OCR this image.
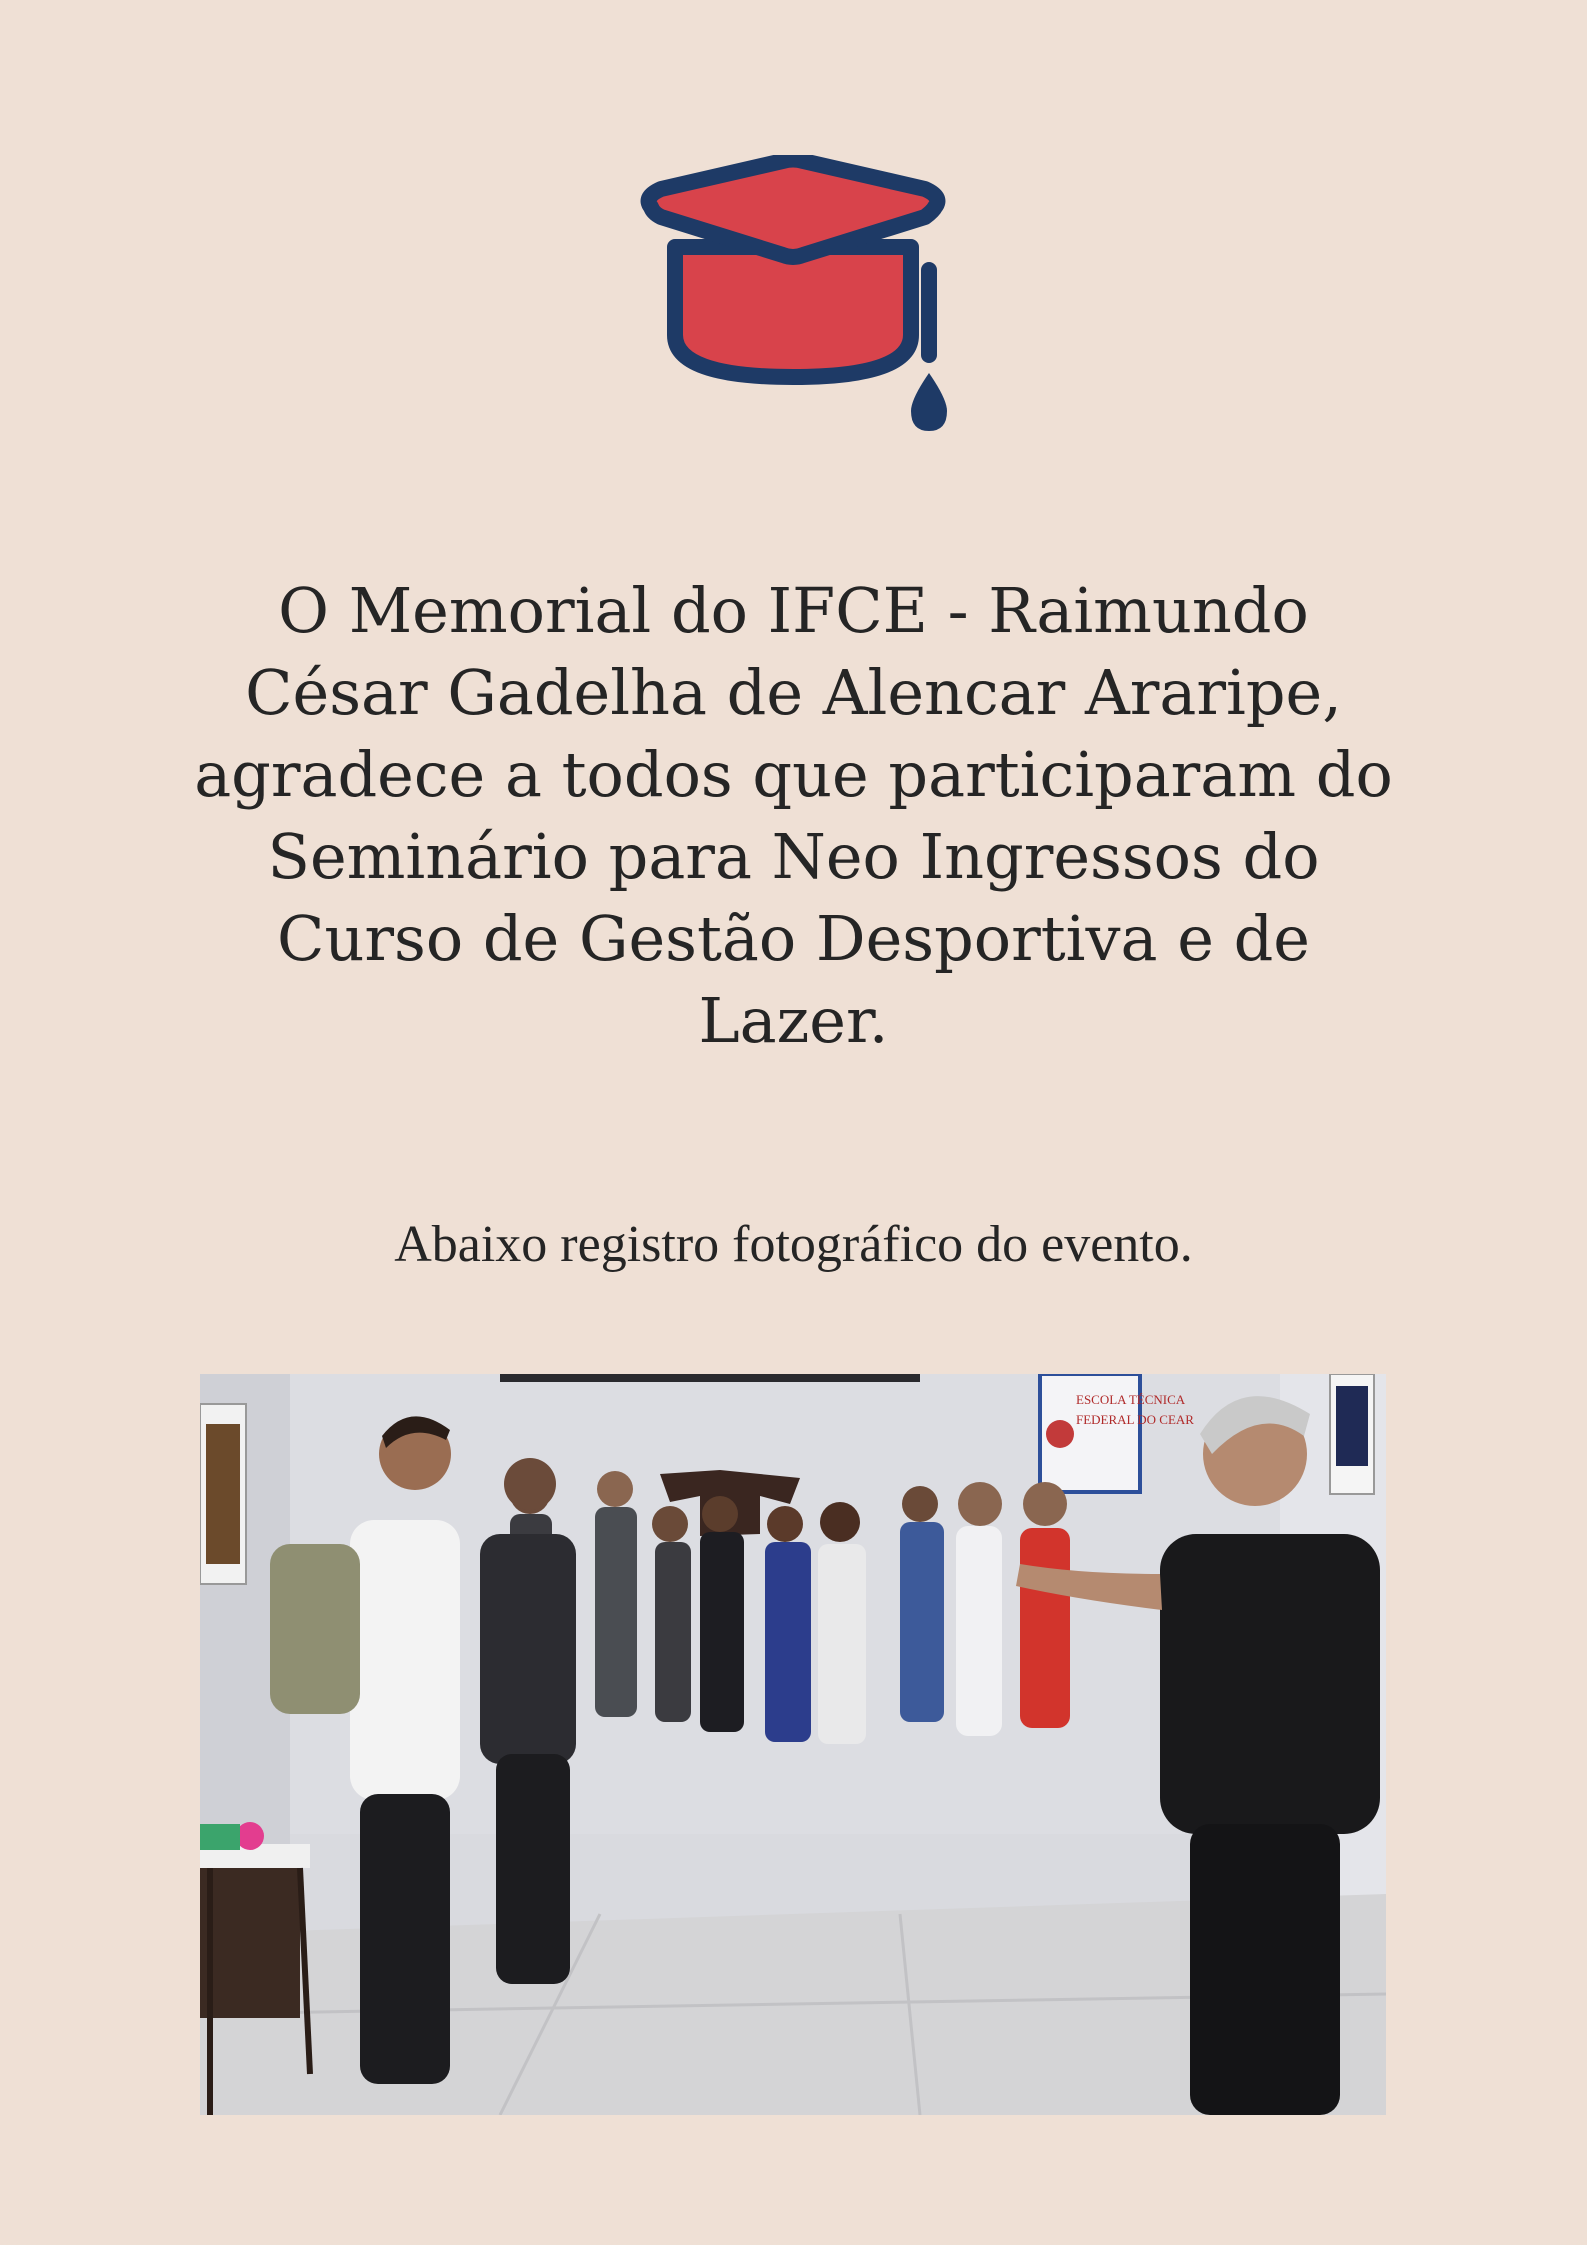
O Memorial do IFCE - Raimundo César Gadelha de Alencar Araripe, agradece a todos que participaram do Seminário para Neo Ingressos do Curso de Gestão Desportiva e de Lazer.

Abaixo registro fotográfico do evento.

ESCOLA TÉCNICA
FEDERAL DO CEAR
